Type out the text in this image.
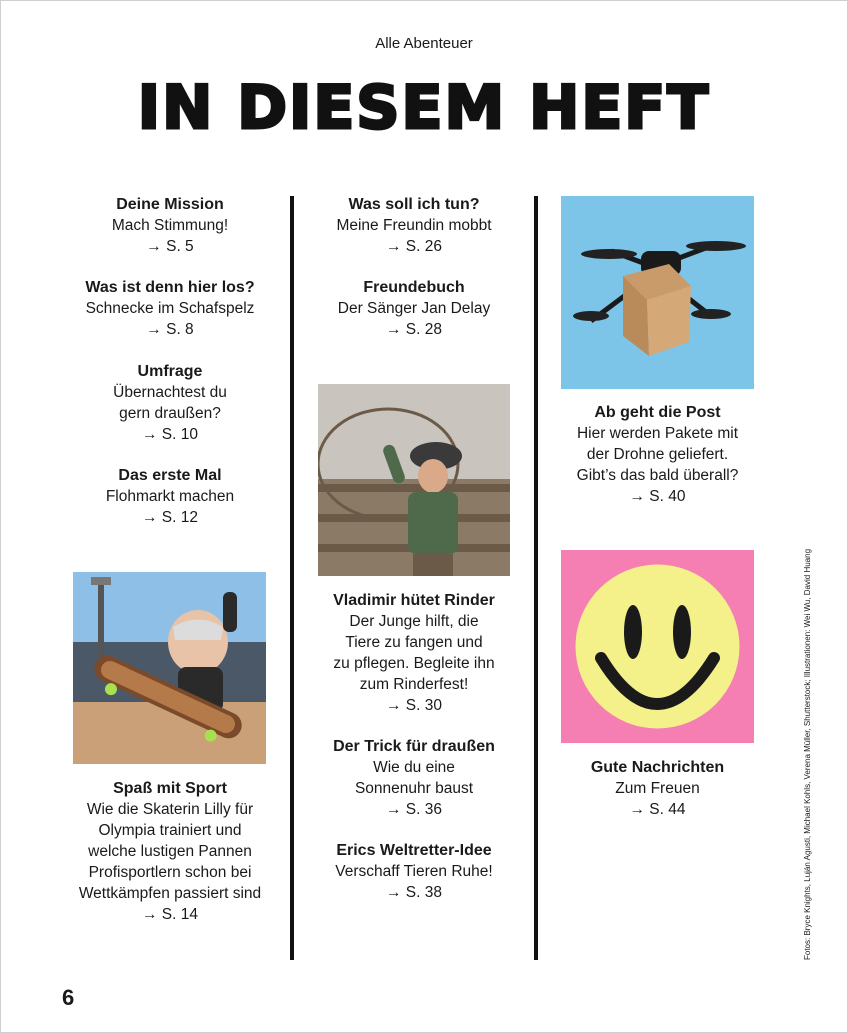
Alle Abenteuer
IN DIESEM HEFT
Deine Mission
Mach Stimmung!
→ S. 5
Was ist denn hier los?
Schnecke im Schafspelz
→ S. 8
Umfrage
Übernachtest du
gern draußen?
→ S. 10
Das erste Mal
Flohmarkt machen
→ S. 12
Spaß mit Sport
Wie die Skaterin Lilly für
Olympia trainiert und
welche lustigen Pannen
Profisportlern schon bei
Wettkämpfen passiert sind
→ S. 14
Was soll ich tun?
Meine Freundin mobbt
→ S. 26
Freundebuch
Der Sänger Jan Delay
→ S. 28
Vladimir hütet Rinder
Der Junge hilft, die
Tiere zu fangen und
zu pflegen. Begleite ihn
zum Rinderfest!
→ S. 30
Der Trick für draußen
Wie du eine
Sonnenuhr baust
→ S. 36
Erics Weltretter-Idee
Verschaff Tieren Ruhe!
→ S. 38
Ab geht die Post
Hier werden Pakete mit
der Drohne geliefert.
Gibt’s das bald überall?
→ S. 40
Gute Nachrichten
Zum Freuen
→ S. 44	Fotos: Bryce Knights, Luján Agusti, Michael Kohls, Verena Müller, Shutterstock; Illustrationen: Wei Wu, David Huang
6
